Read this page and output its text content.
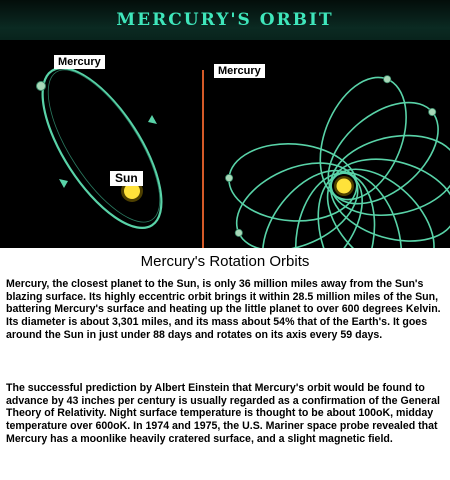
MERCURY'S ORBIT
Mercury
Sun
Mercury
Mercury's Rotation Orbits

Mercury, the closest planet to the Sun, is only 36 million miles away from the Sun's blazing surface. Its highly eccentric orbit brings it within 28.5 million miles of the Sun, battering Mercury's surface and heating up the little planet to over 600 degrees Kelvin. Its diameter is about 3,301 miles, and its mass about 54% that of the Earth's. It goes around the Sun in just under 88 days and rotates on its axis every 59 days.

The successful prediction by Albert Einstein that Mercury's orbit would be found to advance by 43 inches per century is usually regarded as a confirmation of the General Theory of Relativity. Night surface temperature is thought to be about 100oK, midday temperature over 600oK. In 1974 and 1975, the U.S. Mariner space probe revealed that Mercury has a moonlike heavily cratered surface, and a slight magnetic field.
